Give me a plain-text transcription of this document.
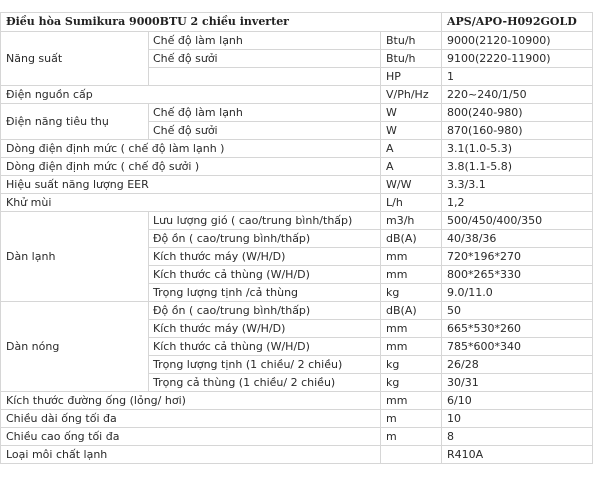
Điều hòa Sumikura 9000BTU 2 chiều inverter			APS/APO-H092GOLD
Năng suất	Chế độ làm lạnh	Btu/h	9000(2120-10900)
	Chế độ sưởi	Btu/h	9100(2220-11900)
		HP	1
Điện nguồn cấp		V/Ph/Hz	220~240/1/50
Điện năng tiêu thụ	Chế độ làm lạnh	W	800(240-980)
	Chế độ sưởi	W	870(160-980)
Dòng điện định mức ( chế độ làm lạnh )		A	3.1(1.0-5.3)
Dòng điện định mức ( chế độ sưởi )		A	3.8(1.1-5.8)
Hiệu suất năng lượng EER		W/W	3.3/3.1
Khử mùi		L/h	1,2
Dàn lạnh	Lưu lượng gió ( cao/trung bình/thấp)	m3/h	500/450/400/350
	Độ ồn ( cao/trung bình/thấp)	dB(A)	40/38/36
	Kích thước máy (W/H/D)	mm	720*196*270
	Kích thước cả thùng (W/H/D)	mm	800*265*330
	Trọng lượng tịnh /cả thùng	kg	9.0/11.0
Dàn nóng	Độ ồn ( cao/trung bình/thấp)	dB(A)	50
	Kích thước máy (W/H/D)	mm	665*530*260
	Kích thước cả thùng (W/H/D)	mm	785*600*340
	Trọng lượng tịnh (1 chiều/ 2 chiều)	kg	26/28
	Trọng cả thùng (1 chiều/ 2 chiều)	kg	30/31
Kích thước đường ống (lỏng/ hơi)		mm	6/10
Chiều dài ống tối đa		m	10
Chiều cao ống tối đa		m	8
Loại môi chất lạnh			R410A
